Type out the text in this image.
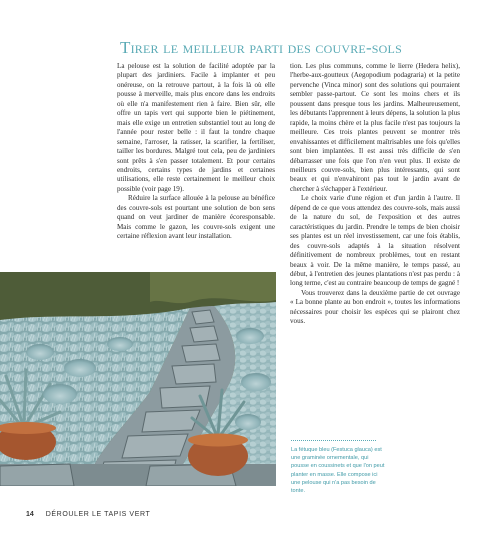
Tirer le meilleur parti des couvre-sols

La pelouse est la solution de facilité adoptée par la plupart des jardiniers. Facile à implanter et peu onéreuse, on la retrouve partout, à la fois là où elle pousse à merveille, mais plus encore dans les endroits où elle n'a manifestement rien à faire. Bien sûr, elle offre un tapis vert qui supporte bien le piétinement, mais elle exige un entretien substantiel tout au long de l'année pour rester belle : il faut la tondre chaque semaine, l'arroser, la ratisser, la scarifier, la fertiliser, tailler les bordures. Malgré tout cela, peu de jardiniers sont prêts à s'en passer totalement. Et pour certains endroits, certains types de jardins et certaines utilisations, elle reste certainement le meilleur choix possible (voir page 19).

Réduire la surface allouée à la pelouse au bénéfice des couvre-sols est pourtant une solution de bon sens quand on veut jardiner de manière écoresponsable. Mais comme le gazon, les couvre-sols exigent une certaine réflexion avant leur installation.

tion. Les plus communs, comme le lierre (Hedera helix), l'herbe-aux-goutteux (Aegopodium podagraria) et la petite pervenche (Vinca minor) sont des solutions qui pourraient sembler passe-partout. Ce sont les moins chers et ils poussent dans presque tous les jardins. Malheureusement, les débutants l'apprennent à leurs dépens, la solution la plus rapide, la moins chère et la plus facile n'est pas toujours la meilleure. Ces trois plantes peuvent se montrer très envahissantes et difficilement maîtrisables une fois qu'elles sont bien implantées. Il est aussi très difficile de s'en débarrasser une fois que l'on n'en veut plus. Il existe de meilleurs couvre-sols, bien plus intéressants, qui sont beaux et qui n'envahiront pas tout le jardin avant de chercher à s'échapper à l'extérieur.

Le choix varie d'une région et d'un jardin à l'autre. Il dépend de ce que vous attendez des couvre-sols, mais aussi de la nature du sol, de l'exposition et des autres caractéristiques du jardin. Prendre le temps de bien choisir ses plantes est un réel investissement, car une fois établis, des couvre-sols adaptés à la situation résolvent définitivement de nombreux problèmes, tout en restant beaux à voir. De la même manière, le temps passé, au début, à l'entretien des jeunes plantations n'est pas perdu : à long terme, c'est au contraire beaucoup de temps de gagné !

Vous trouverez dans la deuxième partie de cet ouvrage « La bonne plante au bon endroit », toutes les informations nécessaires pour choisir les espèces qui se plairont chez vous.

La fétuque bleu (Festuca glauca) est une graminée ornementale, qui pousse en coussinets et que l'on peut planter en masse. Elle compose ici une pelouse qui n'a pas besoin de tonte.
14 DÉROULER LE TAPIS VERT
